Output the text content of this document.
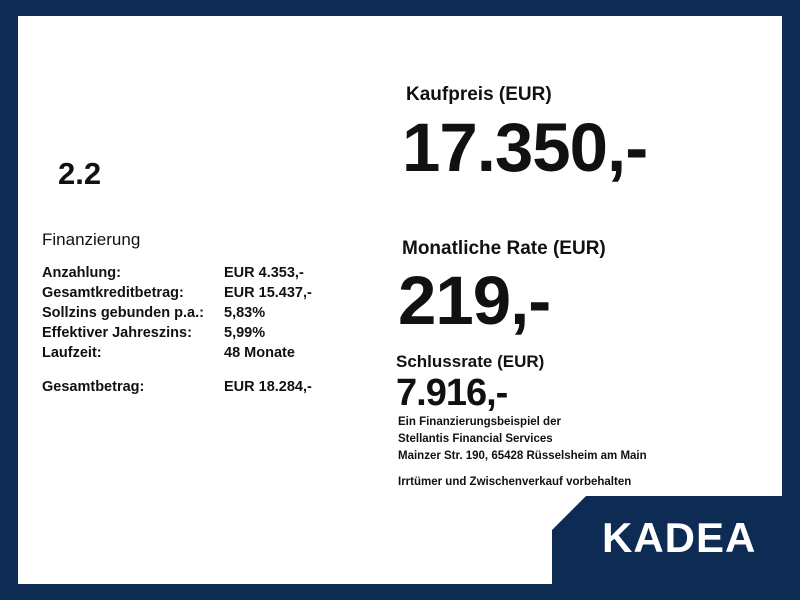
2.2
Finanzierung
Anzahlung:	EUR 4.353,-
Gesamtkreditbetrag:	EUR 15.437,-
Sollzins gebunden p.a.:	5,83%
Effektiver Jahreszins:	5,99%
Laufzeit:	48 Monate

Gesamtbetrag:	EUR 18.284,-
Kaufpreis (EUR)
17.350,-
Monatliche Rate (EUR)
219,-
Schlussrate (EUR)
7.916,-
Ein Finanzierungsbeispiel der
Stellantis Financial Services
Mainzer Str. 190, 65428 Rüsselsheim am Main
Irrtümer und Zwischenverkauf vorbehalten
KADEA
